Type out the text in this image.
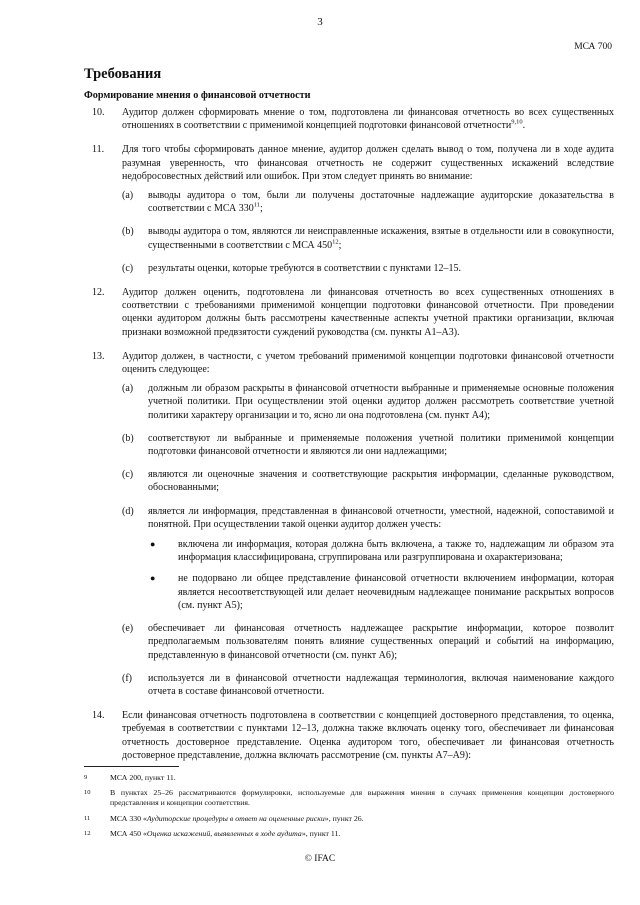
3
МСА 700
Требования
Формирование мнения о финансовой отчетности
10. Аудитор должен сформировать мнение о том, подготовлена ли финансовая отчетность во всех существенных отношениях в соответствии с применимой концепцией подготовки финансовой отчетности$^{9,10}$.
11. Для того чтобы сформировать данное мнение, аудитор должен сделать вывод о том, получена ли в ходе аудита разумная уверенность, что финансовая отчетность не содержит существенных искажений вследствие недобросовестных действий или ошибок. При этом следует принять во внимание:
(а) выводы аудитора о том, были ли получены достаточные надлежащие аудиторские доказательства в соответствии с МСА $330^{11}$;
(b) выводы аудитора о том, являются ли неисправленные искажения, взятые в отдельности или в совокупности, существенными в соответствии с МСА $450^{12}$;
(с) результаты оценки, которые требуются в соответствии с пунктами 12–15.
12. Аудитор должен оценить, подготовлена ли финансовая отчетность во всех существенных отношениях в соответствии с требованиями применимой концепции подготовки финансовой отчетности. При проведении оценки аудитором должны быть рассмотрены качественные аспекты учетной практики организации, включая признаки возможной предвзятости суждений руководства (см. пункты А1–А3).
13. Аудитор должен, в частности, с учетом требований применимой концепции подготовки финансовой отчетности оценить следующее:
(а) должным ли образом раскрыты в финансовой отчетности выбранные и применяемые основные положения учетной политики. При осуществлении этой оценки аудитор должен рассмотреть соответствие учетной политики характеру организации и то, ясно ли она подготовлена (см. пункт А4);
(b) соответствуют ли выбранные и применяемые положения учетной политики применимой концепции подготовки финансовой отчетности и являются ли они надлежащими;
(с) являются ли оценочные значения и соответствующие раскрытия информации, сделанные руководством, обоснованными;
(d) является ли информация, представленная в финансовой отчетности, уместной, надежной, сопоставимой и понятной. При осуществлении такой оценки аудитор должен учесть:
● включена ли информация, которая должна быть включена, а также то, надлежащим ли образом эта информация классифицирована, сгруппирована или разгруппирована и охарактеризована;
● не подорвано ли общее представление финансовой отчетности включением информации, которая является несоответствующей или делает неочевидным надлежащее понимание раскрытых вопросов (см. пункт А5);
(е) обеспечивает ли финансовая отчетность надлежащее раскрытие информации, которое позволит предполагаемым пользователям понять влияние существенных операций и событий на информацию, представленную в финансовой отчетности (см. пункт А6);
(f) используется ли в финансовой отчетности надлежащая терминология, включая наименование каждого отчета в составе финансовой отчетности.
14. Если финансовая отчетность подготовлена в соответствии с концепцией достоверного представления, то оценка, требуемая в соответствии с пунктами 12–13, должна также включать оценку того, обеспечивает ли финансовая отчетность достоверное представление. Оценка аудитором того, обеспечивает ли финансовая отчетность достоверное представление, должна включать рассмотрение (см. пункты А7–А9):
9	МСА 200, пункт 11.
10	В пунктах 25–26 рассматриваются формулировки, используемые для выражения мнения в случаях применения концепции достоверного представления и концепции соответствия.
11	МСА 330 «Аудиторские процедуры в ответ на оцененные риски», пункт 26.
12	МСА 450 «Оценка искажений, выявленных в ходе аудита», пункт 11.
© IFAC
